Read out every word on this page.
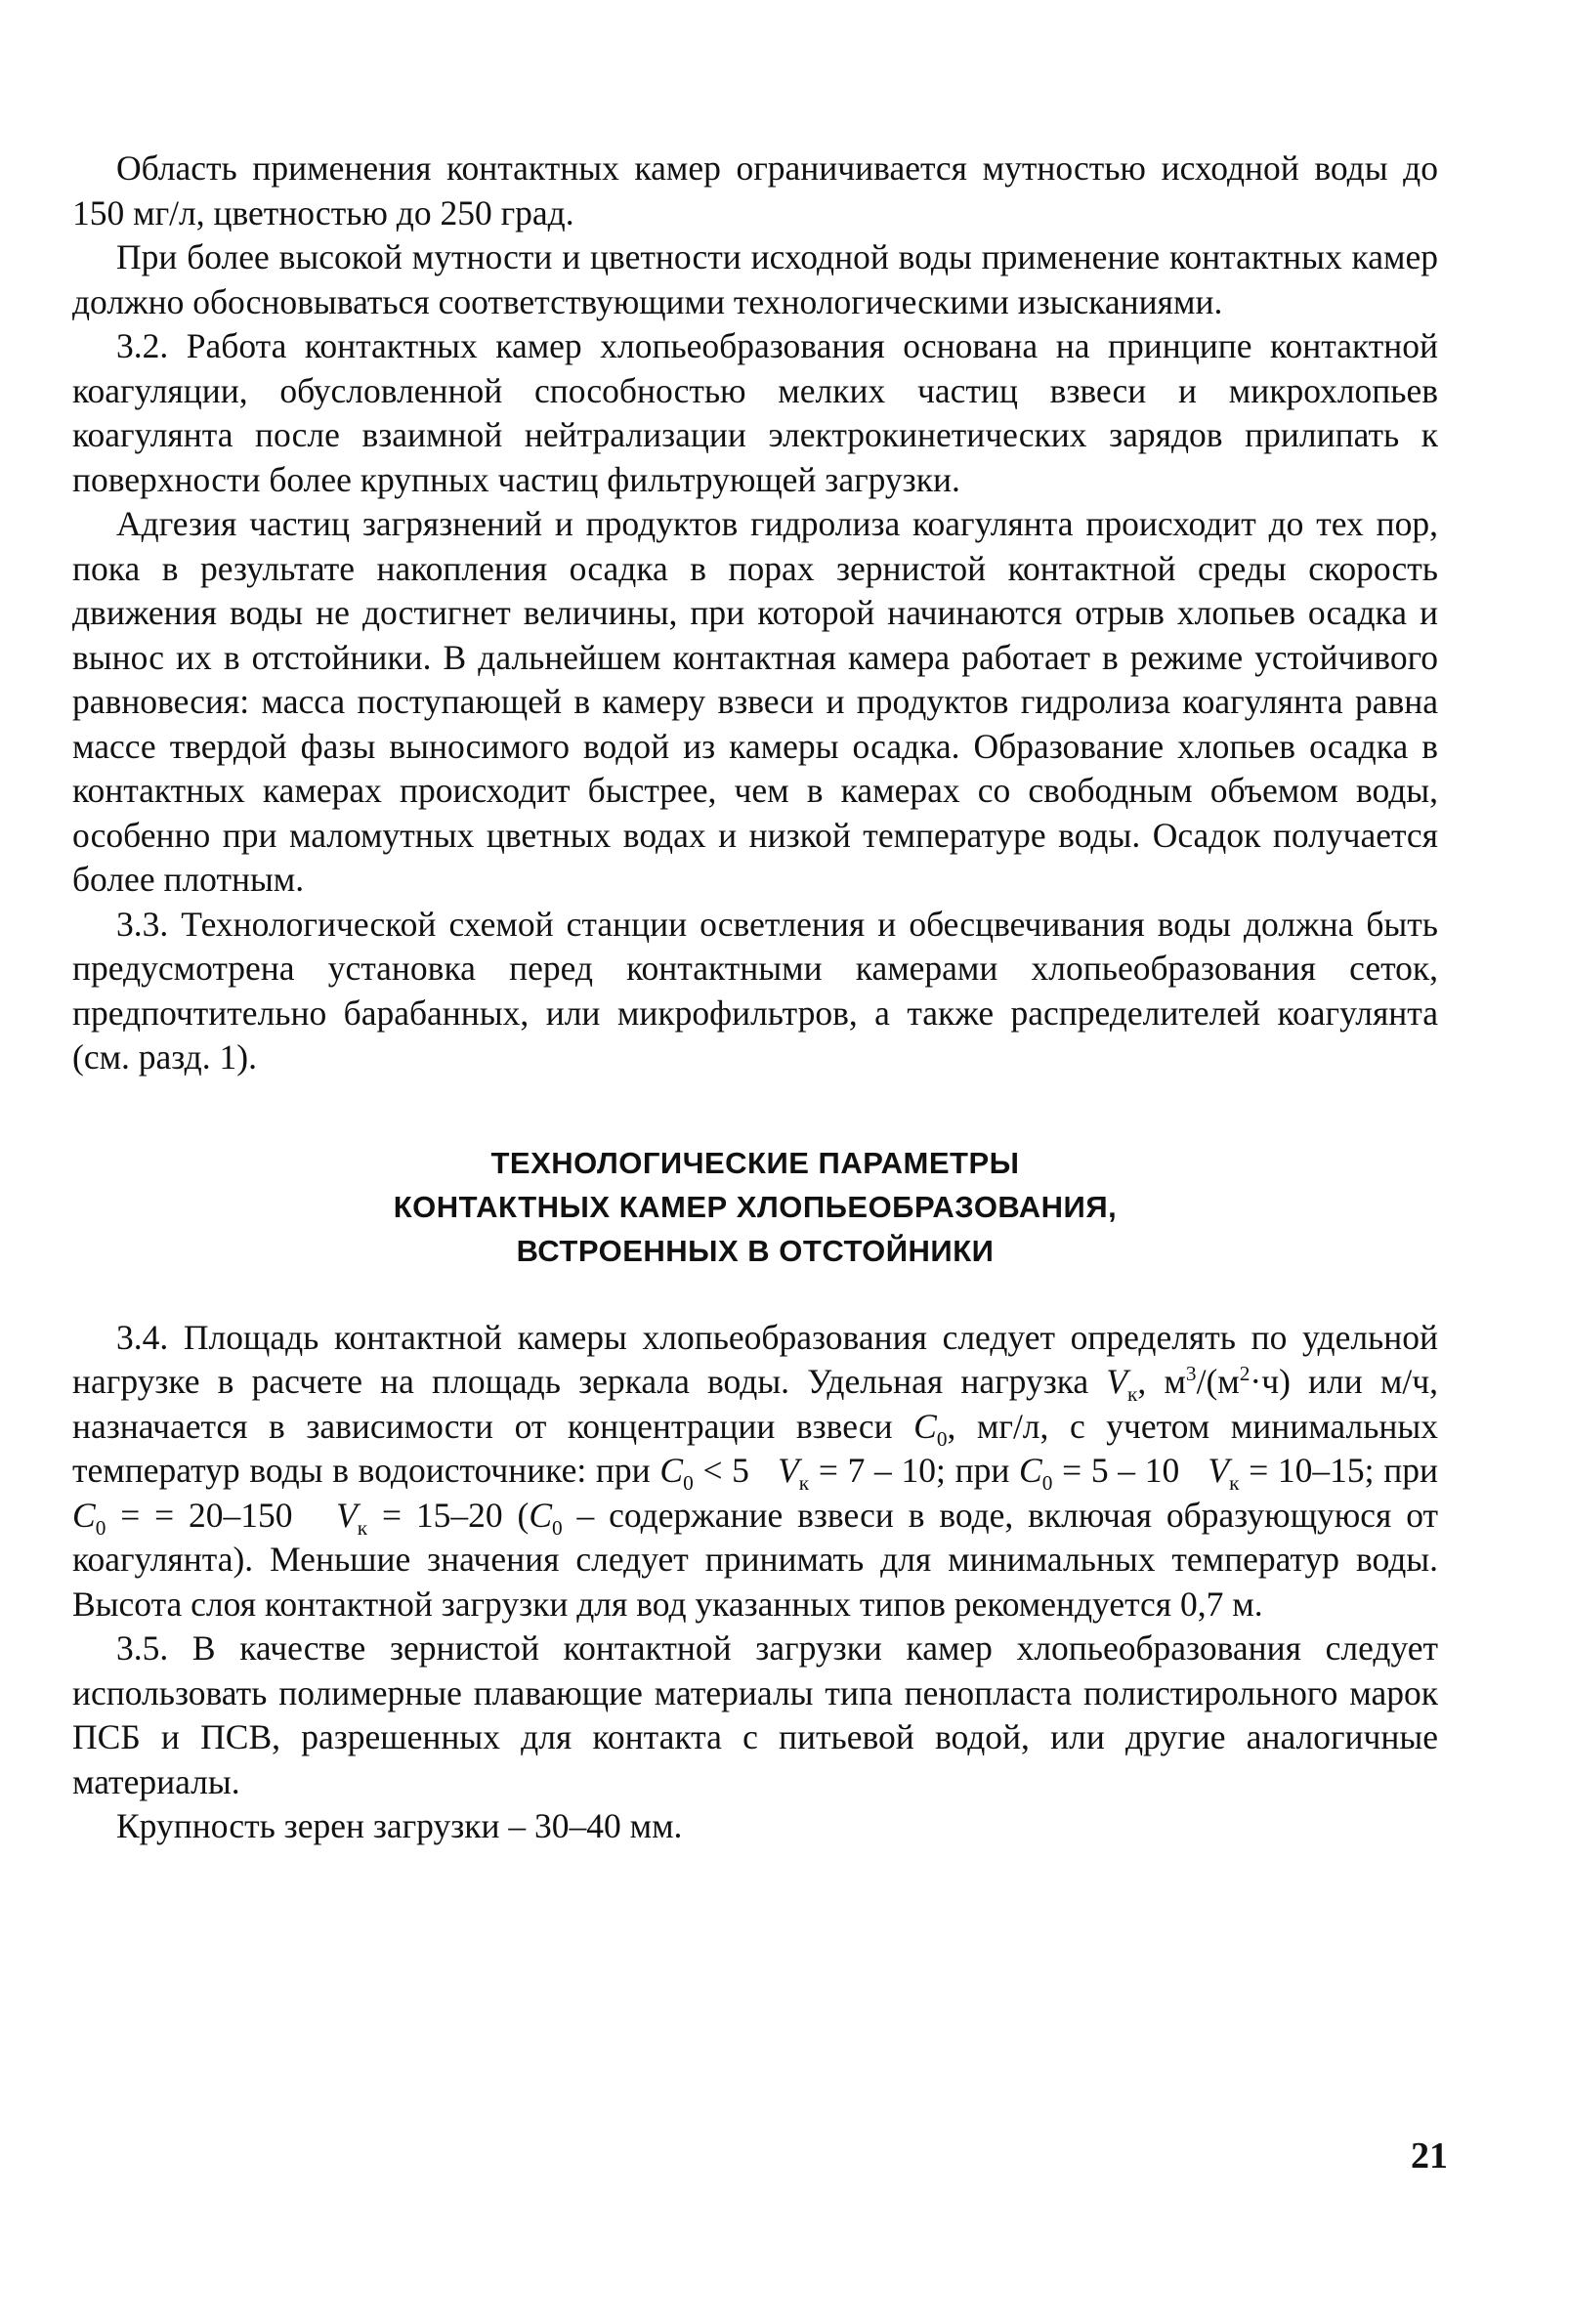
Область применения контактных камер ограничивается мутностью исходной воды до 150 мг/л, цветностью до 250 град.

При более высокой мутности и цветности исходной воды применение контактных камер должно обосновываться соответствующими технологическими изысканиями.

3.2. Работа контактных камер хлопьеобразования основана на принципе контактной коагуляции, обусловленной способностью мелких частиц взвеси и микрохлопьев коагулянта после взаимной нейтрализации электрокинетических зарядов прилипать к поверхности более крупных частиц фильтрующей загрузки.

Адгезия частиц загрязнений и продуктов гидролиза коагулянта происходит до тех пор, пока в результате накопления осадка в порах зернистой контактной среды скорость движения воды не достигнет величины, при которой начинаются отрыв хлопьев осадка и вынос их в отстойники. В дальнейшем контактная камера работает в режиме устойчивого равновесия: масса поступающей в камеру взвеси и продуктов гидролиза коагулянта равна массе твердой фазы выносимого водой из камеры осадка. Образование хлопьев осадка в контактных камерах происходит быстрее, чем в камерах со свободным объемом воды, особенно при маломутных цветных водах и низкой температуре воды. Осадок получается более плотным.

3.3. Технологической схемой станции осветления и обесцвечивания воды должна быть предусмотрена установка перед контактными камерами хлопьеобразования сеток, предпочтительно барабанных, или микрофильтров, а также распределителей коагулянта (см. разд. 1).

ТЕХНОЛОГИЧЕСКИЕ ПАРАМЕТРЫ
КОНТАКТНЫХ КАМЕР ХЛОПЬЕОБРАЗОВАНИЯ,
ВСТРОЕННЫХ В ОТСТОЙНИКИ

3.4. Площадь контактной камеры хлопьеобразования следует определять по удельной нагрузке в расчете на площадь зеркала воды. Удельная нагрузка $V_к$, $м^3/(м^2\cdot ч)$ или м/ч, назначается в зависимости от концентрации взвеси $C_0$, мг/л, с учетом минимальных температур воды в водоисточнике: при $C_0 < 5$ $V_к = 7 - 10$; при $C_0 = 5 - 10$ $V_к = 10-15$; при $C_0$ = = 20–150 $V_к = 15-20$ ($C_0$ – содержание взвеси в воде, включая образующуюся от коагулянта). Меньшие значения следует принимать для минимальных температур воды. Высота слоя контактной загрузки для вод указанных типов рекомендуется 0,7 м.

3.5. В качестве зернистой контактной загрузки камер хлопьеобразования следует использовать полимерные плавающие материалы типа пенопласта полистирольного марок ПСБ и ПСВ, разрешенных для контакта с питьевой водой, или другие аналогичные материалы.

Крупность зерен загрузки – 30–40 мм.

21
